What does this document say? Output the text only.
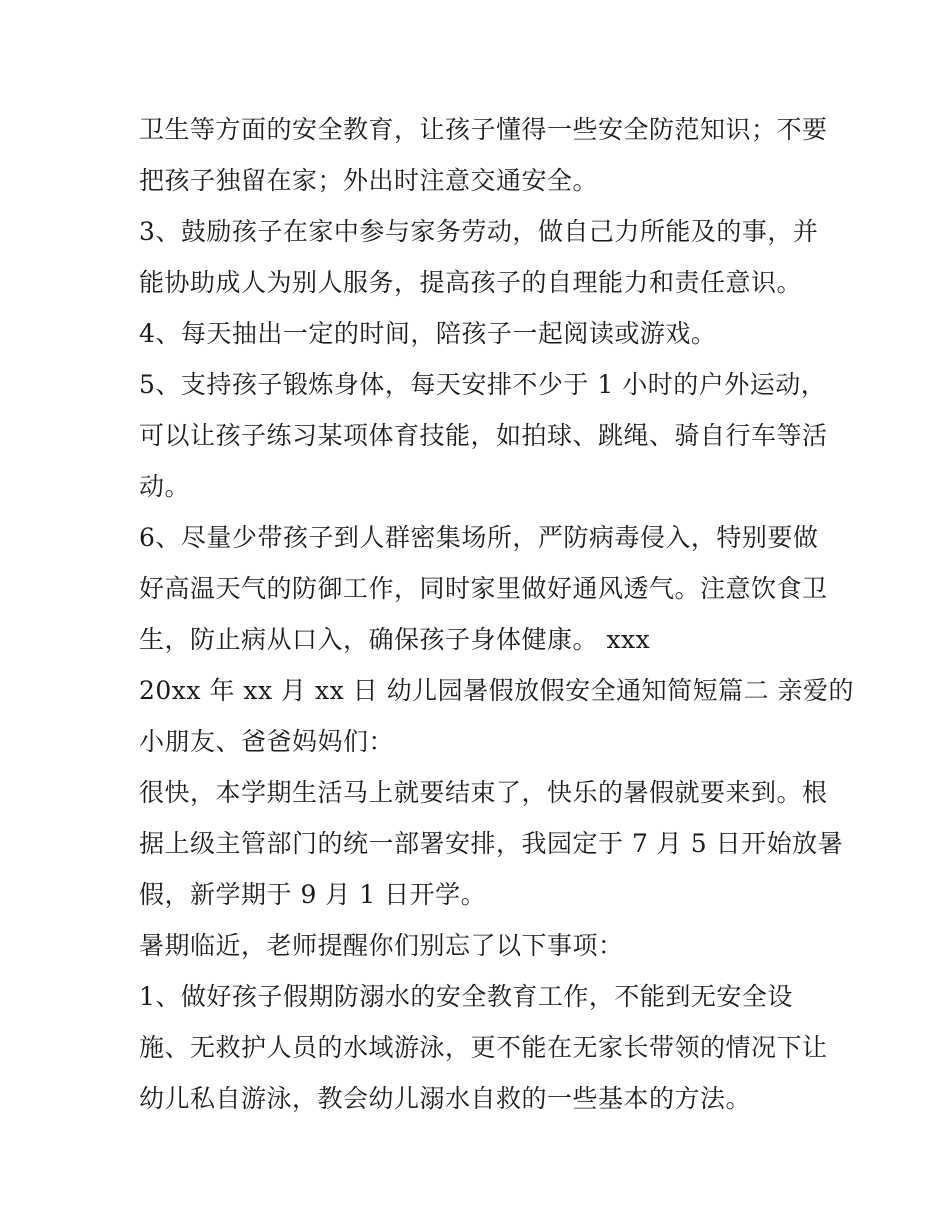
卫生等方面的安全教育，让孩子懂得一些安全防范知识；不要
把孩子独留在家；外出时注意交通安全。
3、鼓励孩子在家中参与家务劳动，做自己力所能及的事，并
能协助成人为别人服务，提高孩子的自理能力和责任意识。
4、每天抽出一定的时间，陪孩子一起阅读或游戏。
5、支持孩子锻炼身体，每天安排不少于 1 小时的户外运动，
可以让孩子练习某项体育技能，如拍球、跳绳、骑自行车等活
动。
6、尽量少带孩子到人群密集场所，严防病毒侵入，特别要做
好高温天气的防御工作，同时家里做好通风透气。注意饮食卫
生，防止病从口入，确保孩子身体健康。 xxx
20xx 年 xx 月 xx 日 幼儿园暑假放假安全通知简短篇二 亲爱的
小朋友、爸爸妈妈们：
很快，本学期生活马上就要结束了，快乐的暑假就要来到。根
据上级主管部门的统一部署安排，我园定于 7 月 5 日开始放暑
假，新学期于 9 月 1 日开学。
暑期临近，老师提醒你们别忘了以下事项：
1、做好孩子假期防溺水的安全教育工作，不能到无安全设
施、无救护人员的水域游泳，更不能在无家长带领的情况下让
幼儿私自游泳，教会幼儿溺水自救的一些基本的方法。
